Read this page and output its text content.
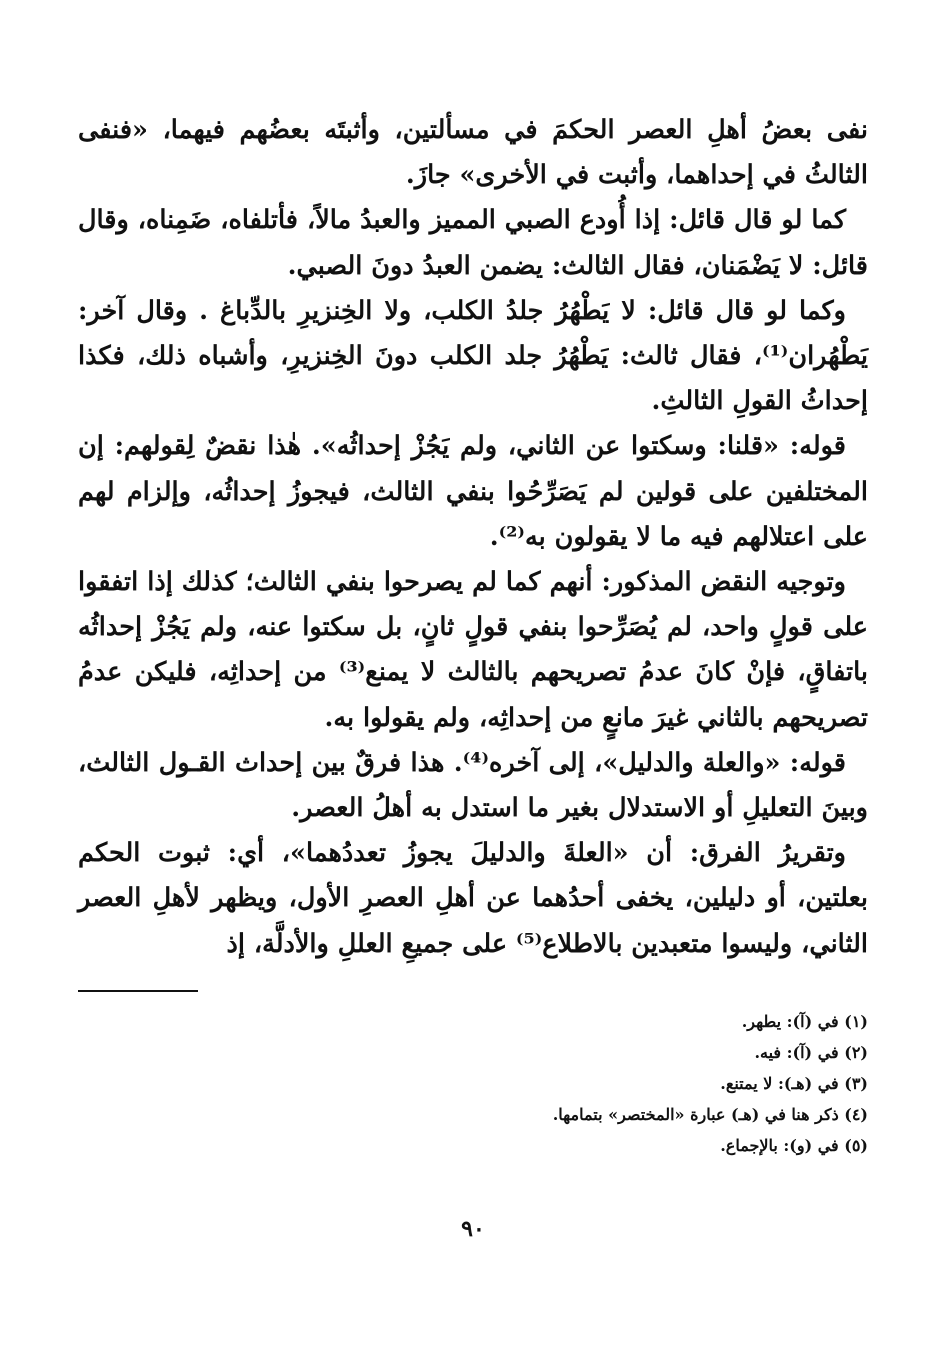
نفى بعضُ أهلِ العصر الحكمَ في مسألتين، وأثبتَه بعضُهم فيهما، «فنفى الثالثُ في إحداهما، وأثبت في الأخرى» جازَ.

كما لو قال قائل: إذا أُودع الصبي المميز والعبدُ مالاً، فأتلفاه، ضَمِناه، وقال قائل: لا يَضْمَنان، فقال الثالث: يضمن العبدُ دونَ الصبي.

وكما لو قال قائل: لا يَطْهُرُ جلدُ الكلب، ولا الخِنزيرِ بالدِّباغ . وقال آخر: يَطْهُران⁽¹⁾، فقال ثالث: يَطْهُرُ جلد الكلب دونَ الخِنزيرِ، وأشباه ذلك، فكذا إحداثُ القولِ الثالثِ.

قوله: «قلنا: وسكتوا عن الثاني، ولم يَجُزْ إحداثُه». هٰذا نقضٌ لِقولهم: إن المختلفين على قولين لم يَصَرِّحُوا بنفي الثالث، فيجوزُ إحداثُه، وإلزام لهم على اعتلالهم فيه ما لا يقولون به⁽²⁾.

وتوجيه النقض المذكور: أنهم كما لم يصرحوا بنفي الثالث؛ كذلك إذا اتفقوا على قولٍ واحد، لم يُصَرِّحوا بنفي قولٍ ثانٍ، بل سكتوا عنه، ولم يَجُزْ إحداثُه باتفاقٍ، فإنْ كانَ عدمُ تصريحهم بالثالث لا يمنع⁽³⁾ من إحداثِه، فليكن عدمُ تصريحهم بالثاني غيرَ مانعٍ من إحداثِه، ولم يقولوا به.

قوله: «والعلة والدليل»، إلى آخره⁽⁴⁾. هذا فرقٌ بين إحداث القـول الثالث، وبينَ التعليلِ أو الاستدلال بغير ما استدل به أهلُ العصر.

وتقريرُ الفرق: أن «العلةَ والدليلَ يجوزُ تعددُهما»، أي: ثبوت الحكم بعلتين، أو دليلين، يخفى أحدُهما عن أهلِ العصرِ الأول، ويظهر لأهلِ العصر الثاني، وليسوا متعبدين بالاطلاع⁽⁵⁾ على جميعِ العللِ والأدلَّة، إذ

(١) في (آ): يطهر.
(٢) في (آ): فيه.
(٣) في (هـ): لا يمتنع.
(٤) ذكر هنا في (هـ) عبارة «المختصر» بتمامها.
(٥) في (و): بالإجماع.
٩٠
